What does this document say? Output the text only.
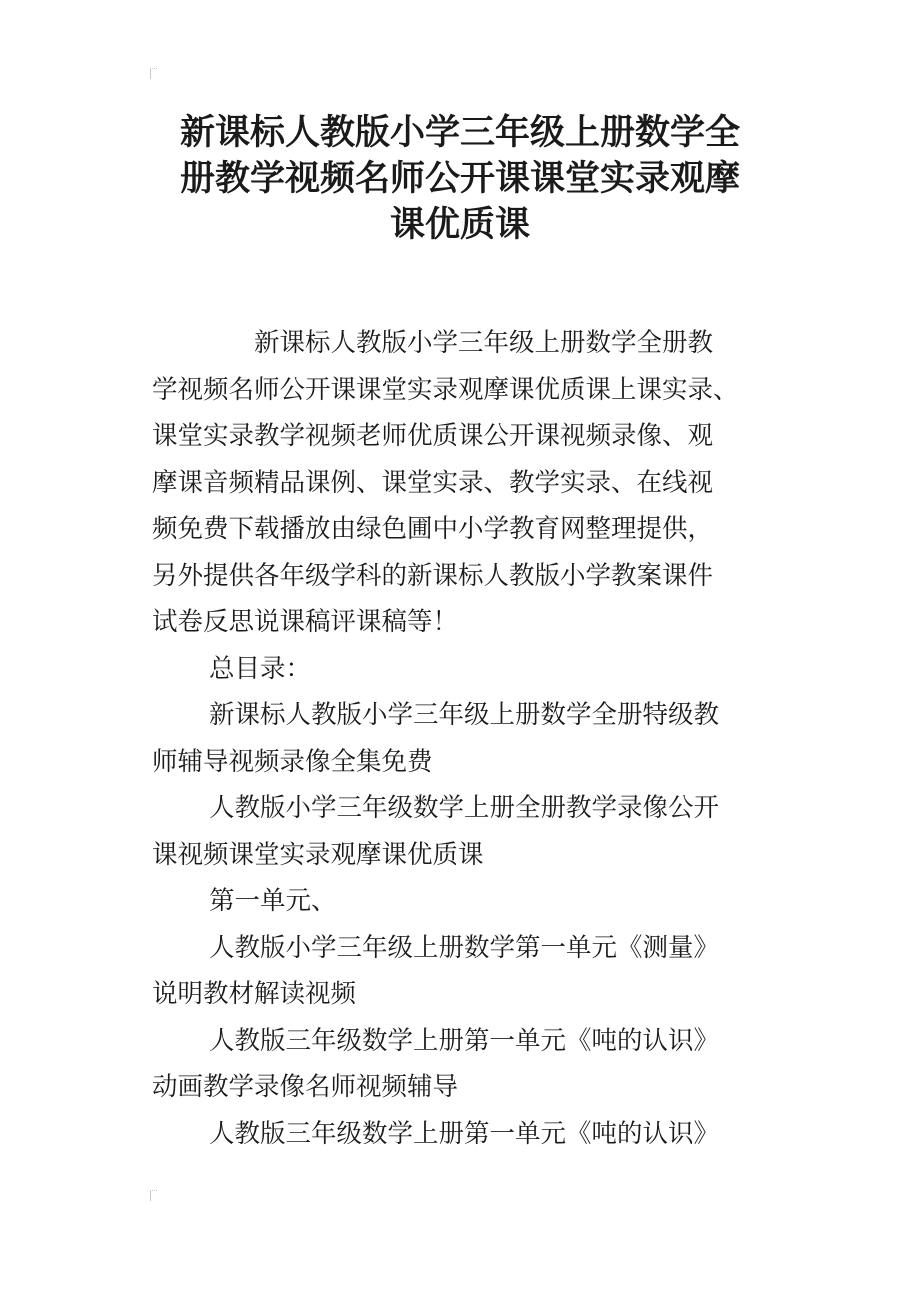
新课标人教版小学三年级上册数学全
册教学视频名师公开课课堂实录观摩
课优质课
新课标人教版小学三年级上册数学全册教
学视频名师公开课课堂实录观摩课优质课上课实录、
课堂实录教学视频老师优质课公开课视频录像、观
摩课音频精品课例、课堂实录、教学实录、在线视
频免费下载播放由绿色圃中小学教育网整理提供，
另外提供各年级学科的新课标人教版小学教案课件
试卷反思说课稿评课稿等！
总目录：
新课标人教版小学三年级上册数学全册特级教
师辅导视频录像全集免费
人教版小学三年级数学上册全册教学录像公开
课视频课堂实录观摩课优质课
第一单元、
人教版小学三年级上册数学第一单元《测量》
说明教材解读视频
人教版三年级数学上册第一单元《吨的认识》
动画教学录像名师视频辅导
人教版三年级数学上册第一单元《吨的认识》
